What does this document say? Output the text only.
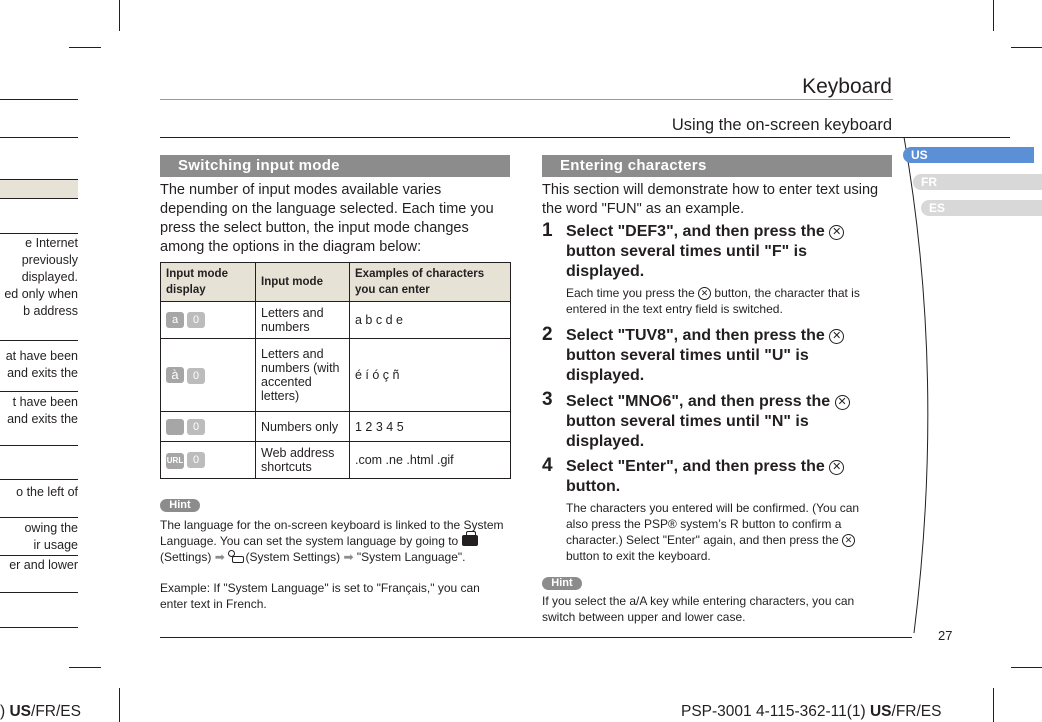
e Internet
previously
displayed.
ed only when
b address
at have been
and exits the
t have been
and exits the
o the left of
owing the
ir usage
er and lower
Keyboard
Using the on-screen keyboard
US
FR
ES
Switching input mode
The number of input modes available varies depending on the language selected. Each time you press the select button, the input mode changes among the options in the diagram below:
Input mode display	Input mode	Examples of characters you can enter
a 0	Letters and numbers	a b c d e
à 0	Letters and numbers (with accented letters)	é í ó ç ñ
0	Numbers only	1 2 3 4 5
URL 0	Web address shortcuts	.com .ne .html .gif
Hint
The language for the on-screen keyboard is linked to the System Language. You can set the system language by going to
(Settings) ➡ (System Settings) ➡ "System Language".
Example: If "System Language" is set to "Français," you can enter text in French.
Entering characters
This section will demonstrate how to enter text using the word "FUN" as an example.
1 Select "DEF3", and then press the ✕ button several times until "F" is displayed.
Each time you press the ✕ button, the character that is entered in the text entry field is switched.
2 Select "TUV8", and then press the ✕ button several times until "U" is displayed.
3 Select "MNO6", and then press the ✕ button several times until "N" is displayed.
4 Select "Enter", and then press the ✕ button.
The characters you entered will be confirmed. (You can also press the PSP® system’s R button to confirm a character.) Select "Enter" again, and then press the ✕ button to exit the keyboard.
Hint
If you select the a/A key while entering characters, you can switch between upper and lower case.
27
) US/FR/ES	PSP-3001 4-115-362-11(1) US/FR/ES
